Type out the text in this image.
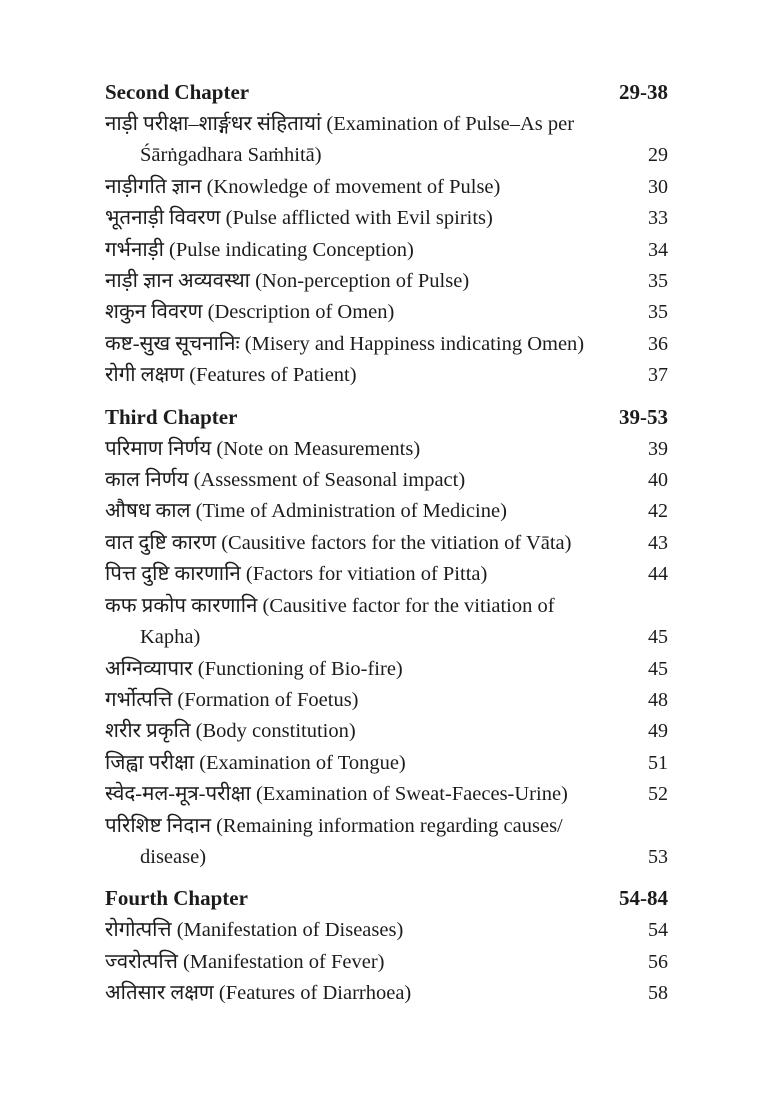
Second Chapter	29-38
नाड़ी परीक्षा–शार्ङ्गधर संहितायां (Examination of Pulse–As per
Śārṅgadhara Saṁhitā)	29
नाड़ीगति ज्ञान (Knowledge of movement of Pulse)	30
भूतनाड़ी विवरण (Pulse afflicted with Evil spirits)	33
गर्भनाड़ी (Pulse indicating Conception)	34
नाड़ी ज्ञान अव्यवस्था (Non-perception of Pulse)	35
शकुन विवरण (Description of Omen)	35
कष्ट-सुख सूचनानिः (Misery and Happiness indicating Omen)	36
रोगी लक्षण (Features of Patient)	37
Third Chapter	39-53
परिमाण निर्णय (Note on Measurements)	39
काल निर्णय (Assessment of Seasonal impact)	40
औषध काल (Time of Administration of Medicine)	42
वात दुष्टि कारण (Causitive factors for the vitiation of Vāta)	43
पित्त दुष्टि कारणानि (Factors for vitiation of Pitta)	44
कफ प्रकोप कारणानि (Causitive factor for the vitiation of
Kapha)	45
अग्निव्यापार (Functioning of Bio-fire)	45
गर्भोत्पत्ति (Formation of Foetus)	48
शरीर प्रकृति (Body constitution)	49
जिह्वा परीक्षा (Examination of Tongue)	51
स्वेद-मल-मूत्र-परीक्षा (Examination of Sweat-Faeces-Urine)	52
परिशिष्ट निदान (Remaining information regarding causes/
disease)	53
Fourth Chapter	54-84
रोगोत्पत्ति (Manifestation of Diseases)	54
ज्वरोत्पत्ति (Manifestation of Fever)	56
अतिसार लक्षण (Features of Diarrhoea)	58
